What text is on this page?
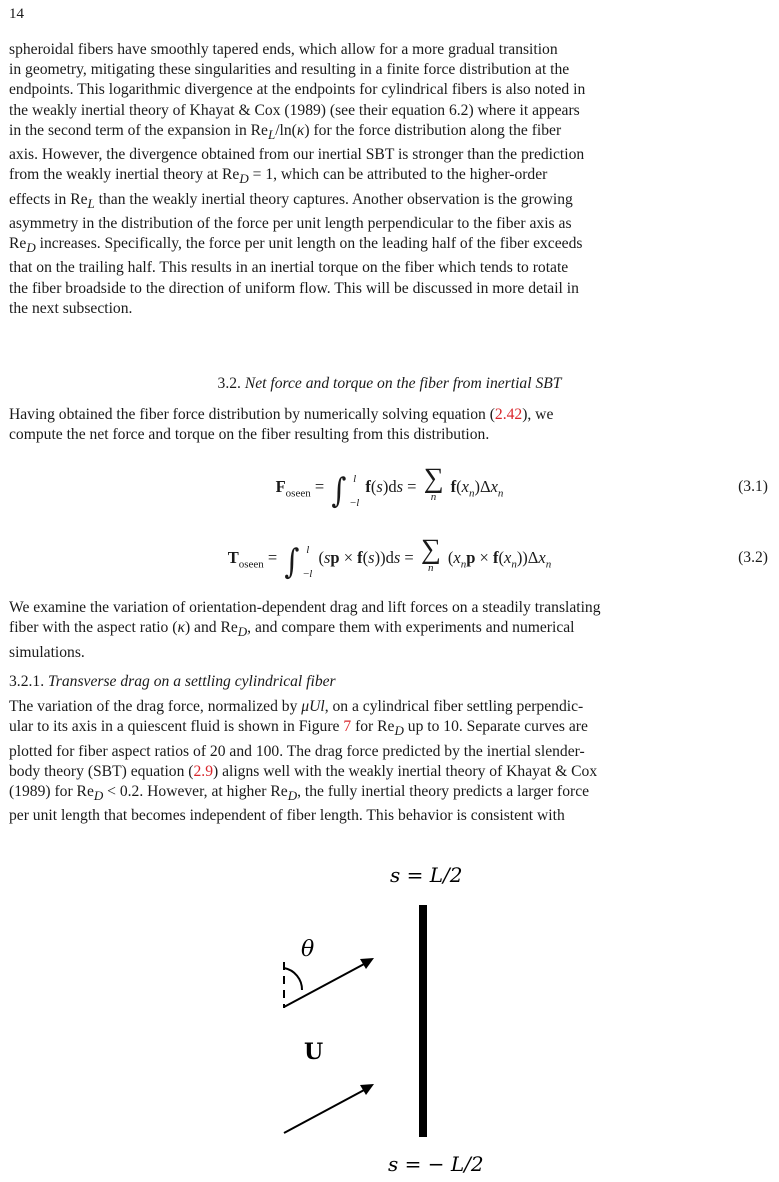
14
spheroidal fibers have smoothly tapered ends, which allow for a more gradual transition
in geometry, mitigating these singularities and resulting in a finite force distribution at the
endpoints. This logarithmic divergence at the endpoints for cylindrical fibers is also noted in
the weakly inertial theory of Khayat & Cox (1989) (see their equation 6.2) where it appears
in the second term of the expansion in $Re_L/\ln(\kappa)$ for the force distribution along the fiber
axis. However, the divergence obtained from our inertial SBT is stronger than the prediction
from the weakly inertial theory at $Re_D = 1$, which can be attributed to the higher-order
effects in $Re_L$ than the weakly inertial theory captures. Another observation is the growing
asymmetry in the distribution of the force per unit length perpendicular to the fiber axis as
$Re_D$ increases. Specifically, the force per unit length on the leading half of the fiber exceeds
that on the trailing half. This results in an inertial torque on the fiber which tends to rotate
the fiber broadside to the direction of uniform flow. This will be discussed in more detail in
the next subsection.
3.2. Net force and torque on the fiber from inertial SBT
Having obtained the fiber force distribution by numerically solving equation (2.42), we
compute the net force and torque on the fiber resulting from this distribution.
$F_{oseen}$ = ∫ l
−l
f(s)ds = ∑
n
$f(x_n)\Delta x_n$	(3.1)
$T_{oseen}$ = ∫ l
−l
(sp × f(s))ds = ∑
n
$(x_np \times f(x_n))\Delta x_n$	(3.2)
We examine the variation of orientation-dependent drag and lift forces on a steadily translating
fiber with the aspect ratio (κ) and $Re_D$, and compare them with experiments and numerical
simulations.
3.2.1. Transverse drag on a settling cylindrical fiber
The variation of the drag force, normalized by μUl, on a cylindrical fiber settling perpendic-
ular to its axis in a quiescent fluid is shown in Figure 7 for $Re_D$ up to 10. Separate curves are
plotted for fiber aspect ratios of 20 and 100. The drag force predicted by the inertial slender-
body theory (SBT) equation (2.9) aligns well with the weakly inertial theory of Khayat & Cox
(1989) for $Re_D < 0.2$. However, at higher $Re_D$, the fully inertial theory predicts a larger force
per unit length that becomes independent of fiber length. This behavior is consistent with
s = L/2
s = − L/2
θ
U
